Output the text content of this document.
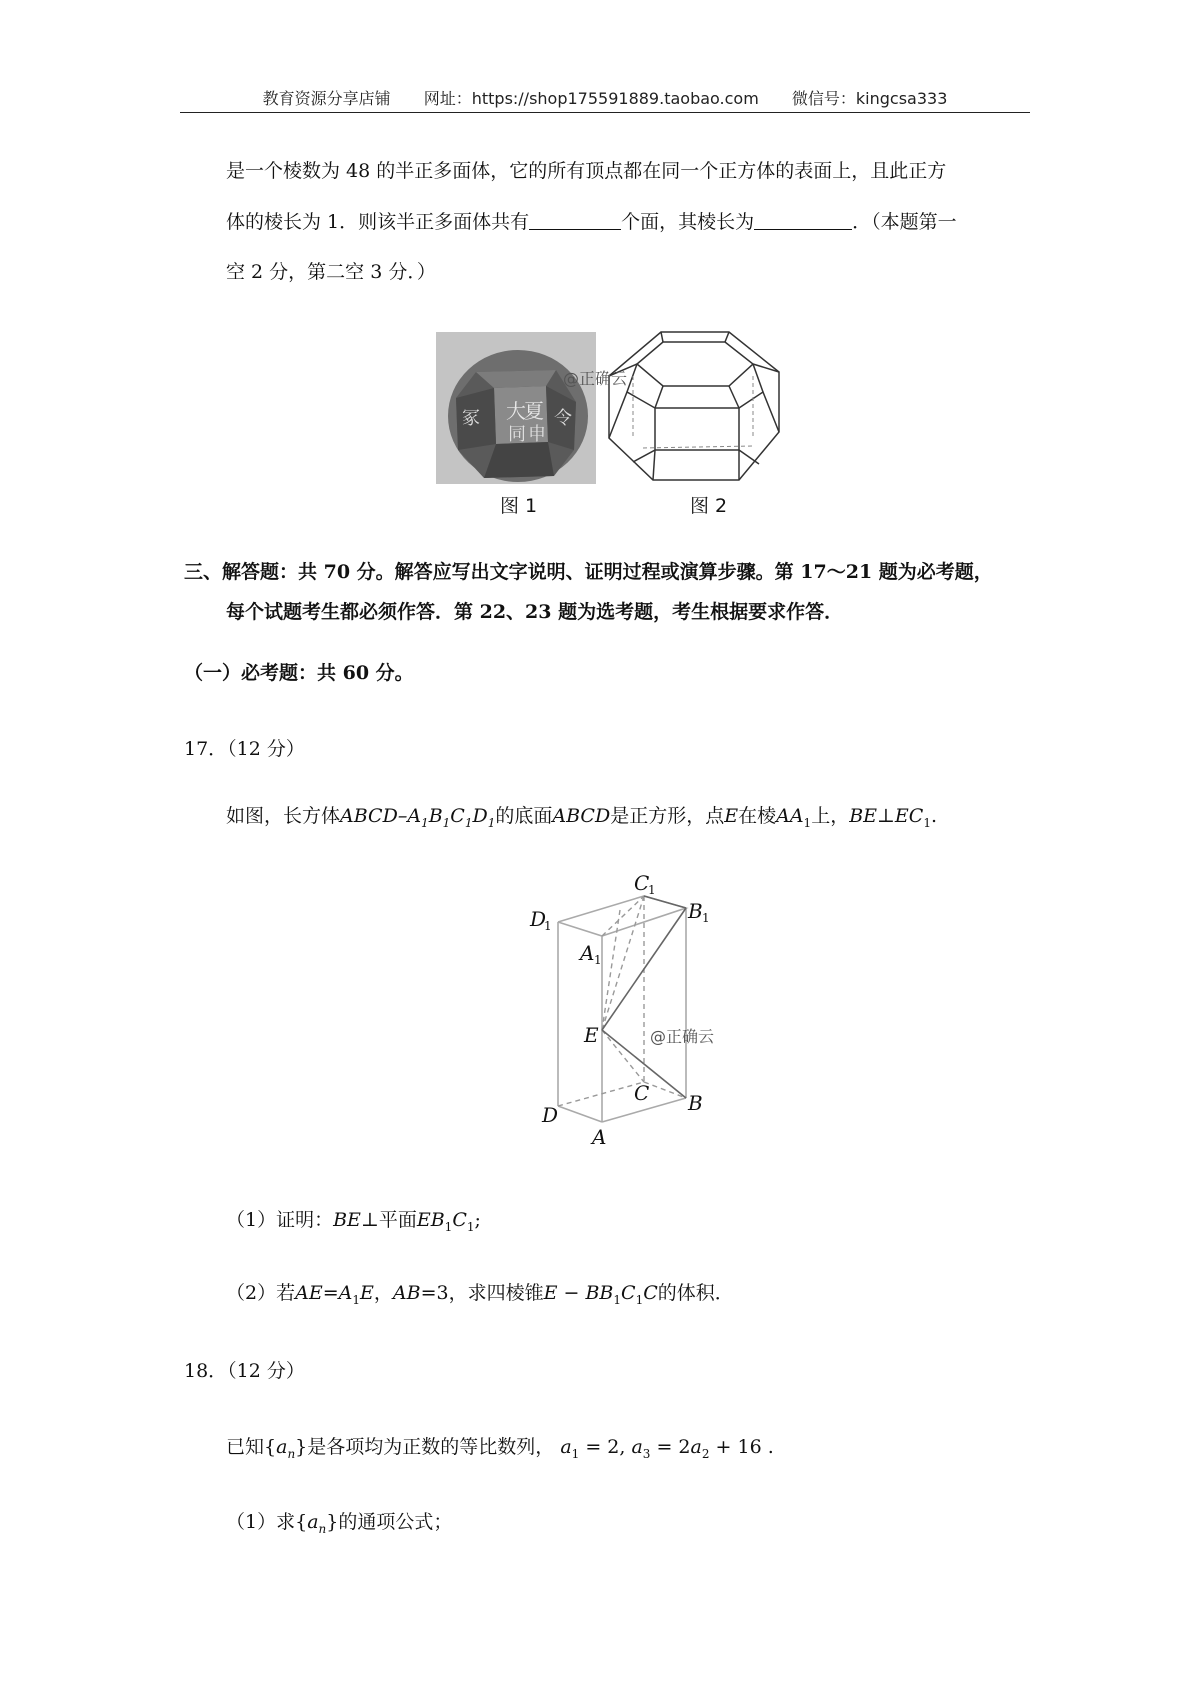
教育资源分享店铺 网址：https://shop175591889.taobao.com 微信号：kingcsa333
是一个棱数为 48 的半正多面体，它的所有顶点都在同一个正方体的表面上，且此正方
体的棱长为 1．则该半正多面体共有	个面，其棱长为	．（本题第一
空 2 分，第二空 3 分．）
大
夏
同 申
冢	令
@正确云
图 1	图 2
三、解答题：共 70 分。解答应写出文字说明、证明过程或演算步骤。第 17～21 题为必考题，
每个试题考生都必须作答．第 22、23 题为选考题，考生根据要求作答．
（一）必考题：共 60 分。
17．（12 分）
如图，长方体ABCD–$A_1B_1C_1D_1$的底面ABCD是正方形，点E在棱$AA_1$上，$BE\perp EC_1$.
C
1
D
1
B 1
A 1
E
C B
D
A
@正确云
（1）证明：BE⊥平面$EB_1C_1$;
（2）若$AE=A_1E$，AB=3，求四棱锥$E - BB_1C_1C$的体积．
18．（12 分）
已知$\{a_n\}$是各项均为正数的等比数列， $a_1 = 2$, $a_3 = 2a_2 + 16$ .
（1）求$\{a_n\}$的通项公式；
